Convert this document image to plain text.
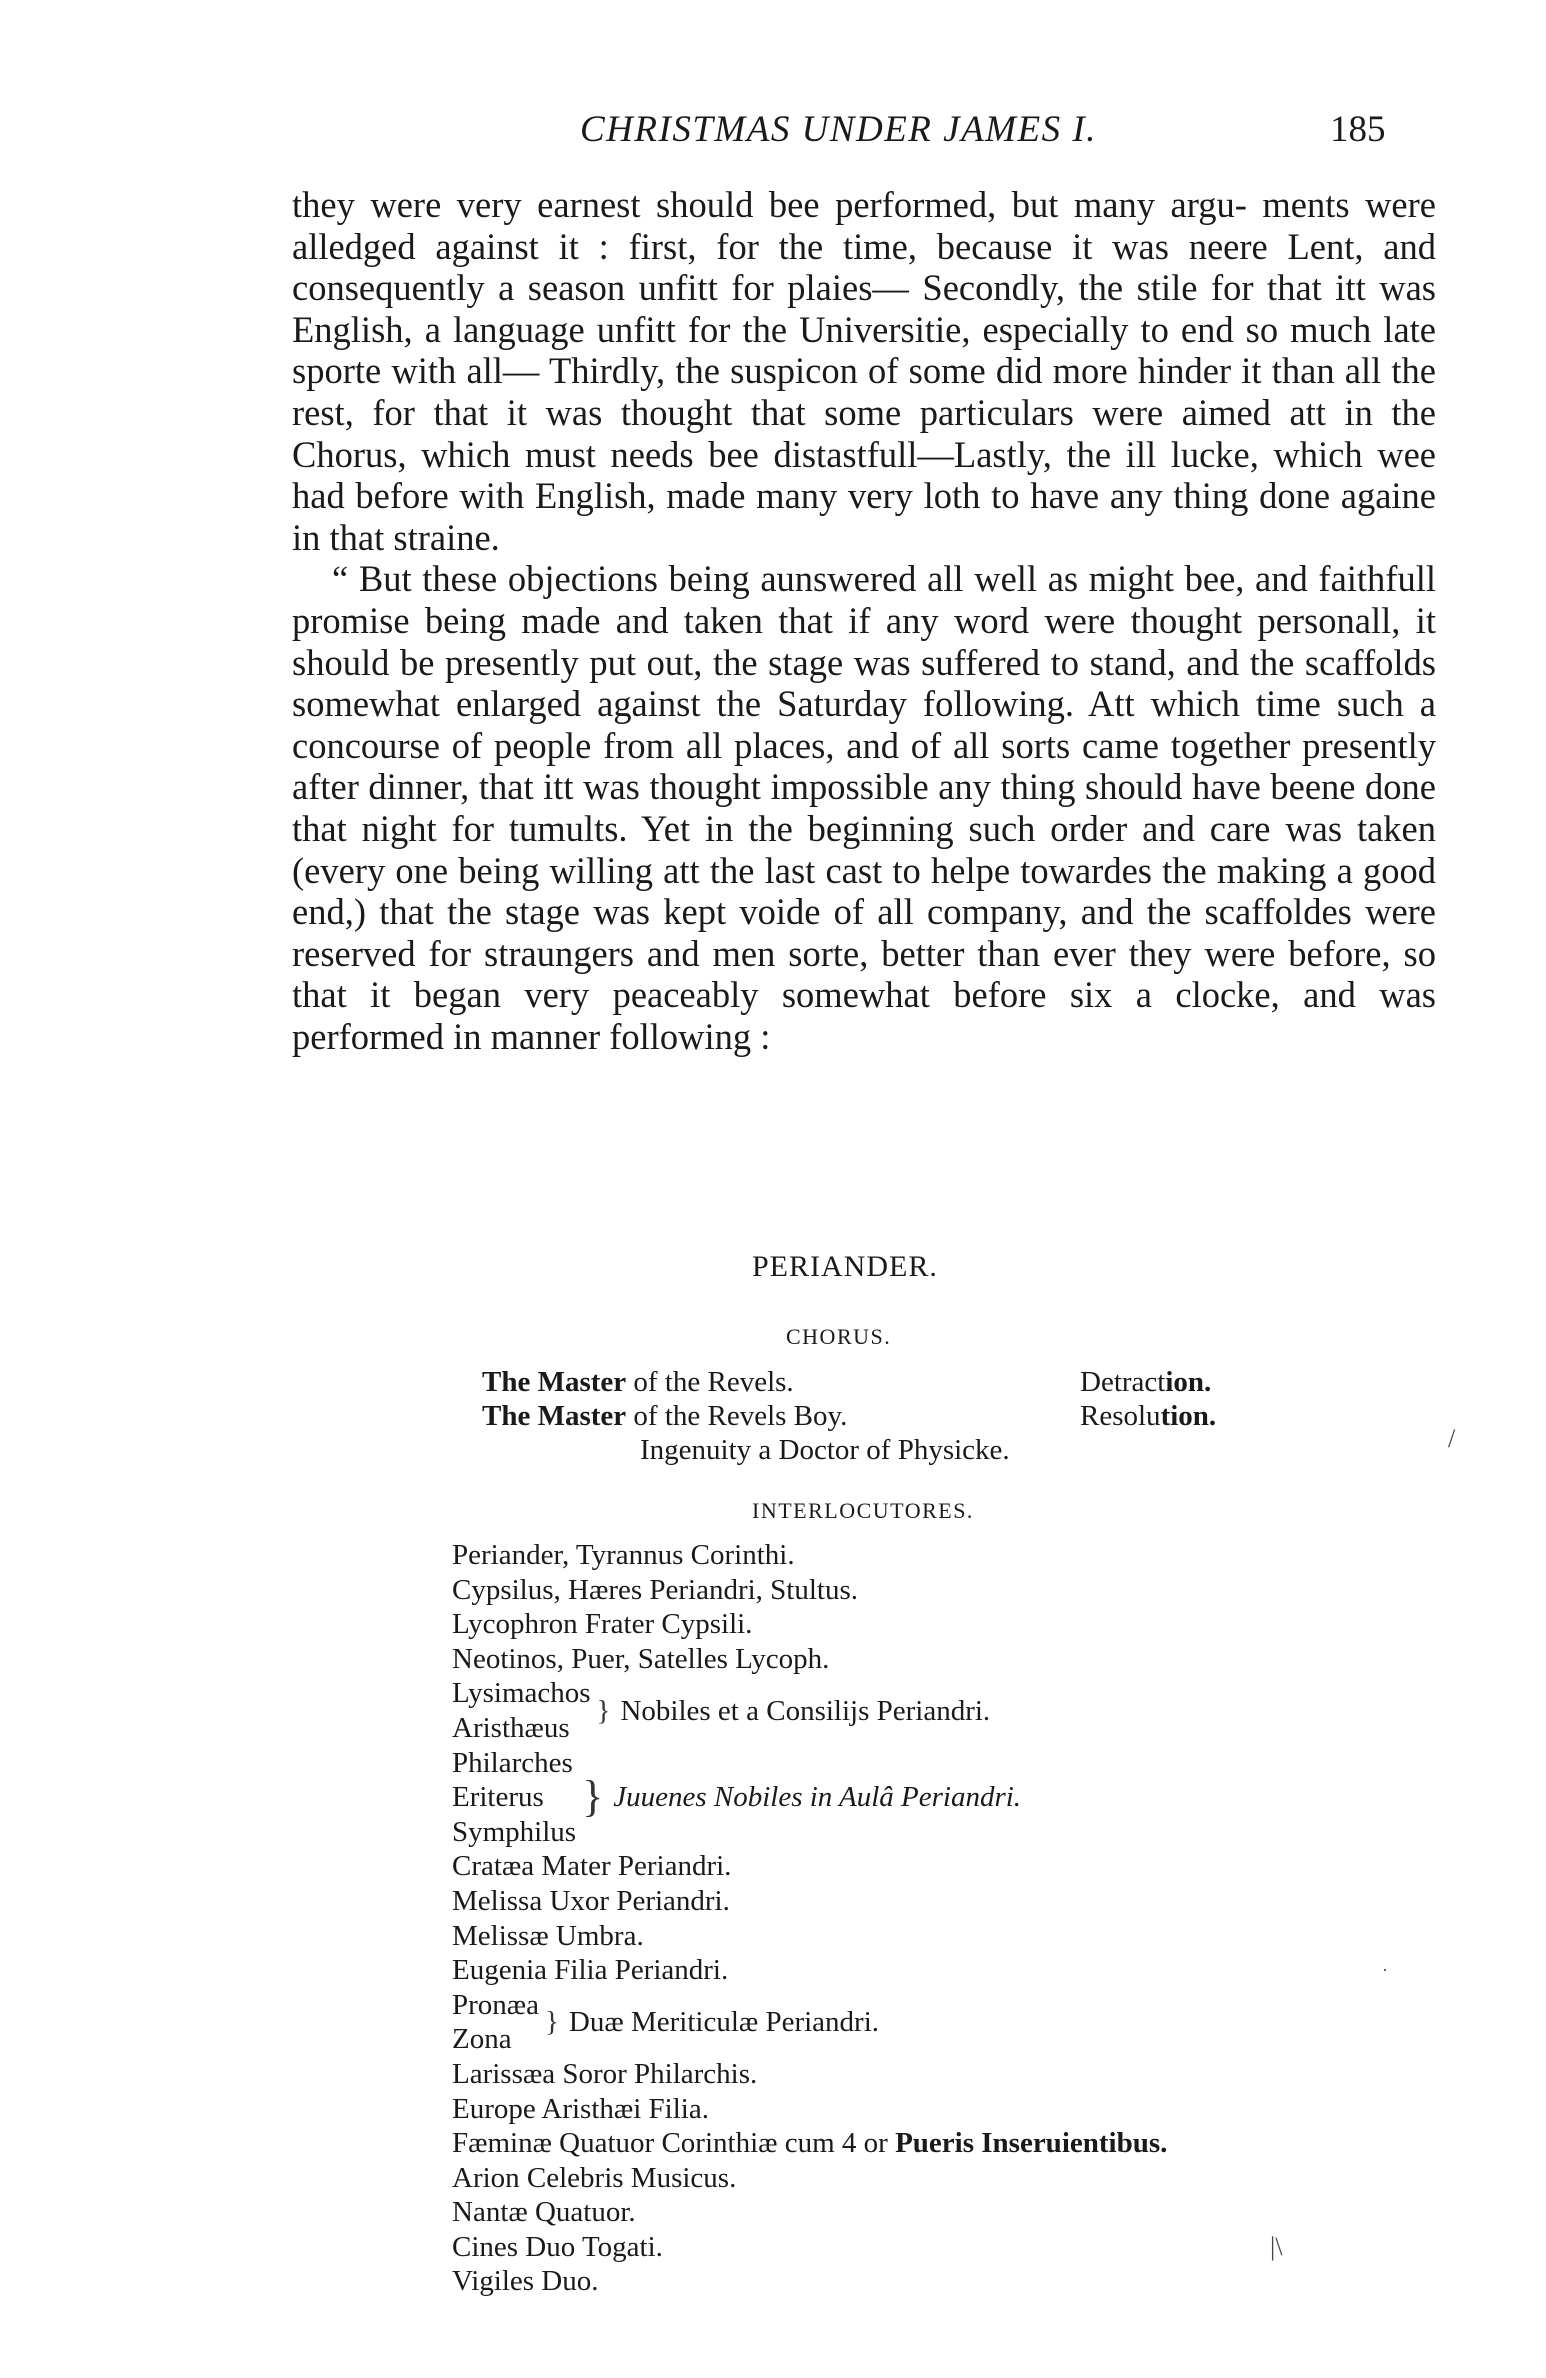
CHRISTMAS UNDER JAMES I.	185

they were very earnest should bee performed, but many argu- ments were alledged against it : first, for the time, because it was neere Lent, and consequently a season unfitt for plaies— Secondly, the stile for that itt was English, a language unfitt for the Universitie, especially to end so much late sporte with all— Thirdly, the suspicon of some did more hinder it than all the rest, for that it was thought that some particulars were aimed att in the Chorus, which must needs bee distastfull—Lastly, the ill lucke, which wee had before with English, made many very loth to have any thing done againe in that straine.

“ But these objections being aunswered all well as might bee, and faithfull promise being made and taken that if any word were thought personall, it should be presently put out, the stage was suffered to stand, and the scaffolds somewhat enlarged against the Saturday following. Att which time such a concourse of people from all places, and of all sorts came together presently after dinner, that itt was thought impossible any thing should have beene done that night for tumults. Yet in the beginning such order and care was taken (every one being willing att the last cast to helpe towardes the making a good end,) that the stage was kept voide of all company, and the scaffoldes were reserved for straungers and men sorte, better than ever they were before, so that it began very peaceably somewhat before six a clocke, and was performed in manner following :

PERIANDER.
CHORUS.
The Master of the Revels.	Detraction.
The Master of the Revels Boy.	Resolution.
Ingenuity a Doctor of Physicke.
INTERLOCUTORES.
Periander, Tyrannus Corinthi.
Cypsilus, Hæres Periandri, Stultus.
Lycophron Frater Cypsili.
Neotinos, Puer, Satelles Lycoph.
Lysimachos
Aristhæus
} Nobiles et a Consilijs Periandri.
Philarches
Eriterus
Symphilus
} Juuenes Nobiles in Aulâ Periandri.
Cratæa Mater Periandri.
Melissa Uxor Periandri.
Melissæ Umbra.
Eugenia Filia Periandri.
Pronæa
Zona
} Duæ Meriticulæ Periandri.
Larissæa Soror Philarchis.
Europe Aristhæi Filia.
Fæminæ Quatuor Corinthiæ cum 4 or Pueris Inseruientibus.
Arion Celebris Musicus.
Nantæ Quatuor.
Cines Duo Togati.
Vigiles Duo.
/
·
|\
